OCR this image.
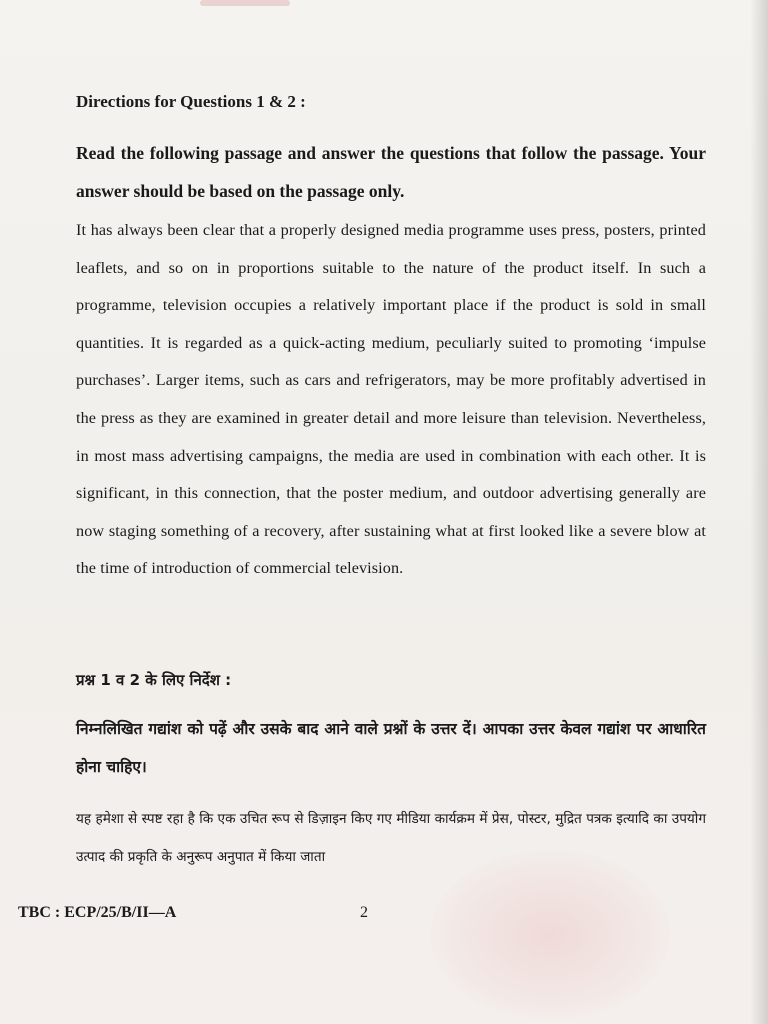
Directions for Questions 1 & 2 :

Read the following passage and answer the questions that follow the passage. Your answer should be based on the passage only.

It has always been clear that a properly designed media programme uses press, posters, printed leaflets, and so on in proportions suitable to the nature of the product itself. In such a programme, television occupies a relatively important place if the product is sold in small quantities. It is regarded as a quick-acting medium, peculiarly suited to promoting ‘impulse purchases’. Larger items, such as cars and refrigerators, may be more profitably advertised in the press as they are examined in greater detail and more leisure than television. Nevertheless, in most mass advertising campaigns, the media are used in combination with each other. It is significant, in this connection, that the poster medium, and outdoor advertising generally are now staging something of a recovery, after sustaining what at first looked like a severe blow at the time of introduction of commercial television.

प्रश्न 1 व 2 के लिए निर्देश :

निम्नलिखित गद्यांश को पढ़ें और उसके बाद आने वाले प्रश्नों के उत्तर दें। आपका उत्तर केवल गद्यांश पर आधारित होना चाहिए।

यह हमेशा से स्पष्ट रहा है कि एक उचित रूप से डिज़ाइन किए गए मीडिया कार्यक्रम में प्रेस, पोस्टर, मुद्रित पत्रक इत्यादि का उपयोग उत्पाद की प्रकृति के अनुरूप अनुपात में किया जाता

TBC : ECP/25/B/II—A	2
